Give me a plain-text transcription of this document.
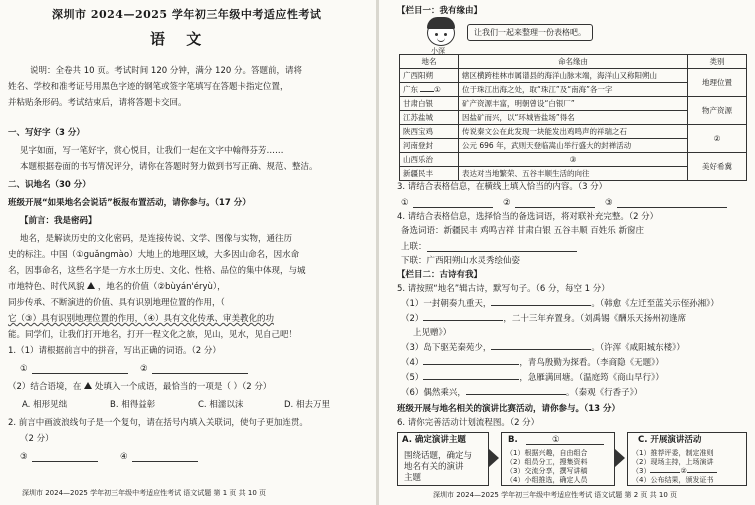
深圳市 2024—2025 学年初三年级中考适应性考试
语 文
说明：全卷共 10 页。考试时间 120 分钟，满分 120 分。答题前，请将
姓名、学校和准考证号用黑色字迹的钢笔或签字笔填写在答题卡指定位置，
并粘贴条形码。考试结束后，请将答题卡交回。
一、写好字（3 分）
见字如面，写一笔好字，赏心悦目，让我们一起在文字中翰得芬芳……
本题根据卷面的书写情况评分，请你在答题时努力做到书写正确、规范、整洁。
二、识地名（30 分）
班级开展“如果地名会说话”板报布置活动，请你参与。（17 分）
【前言：我是密码】
地名，是解读历史的文化密码，是连接传说、文学、图像与实物，通往历
史的标注。中国（①guǎngmào）大地上的地理区域，大多因山命名，因水命
名，因事命名，这些名字是一方水土历史、文化、性格、品位的集中体现，与城
市地特色、时代风貌 ，地名的价值（②bùyán'éryù），
同步传承、不断演进的价值、具有识别地理位置的作用，（
它（③）具有识别地理位置的作用，（④）具有文化传承、审美教化的功
能。同学们，让我们打开地名，打开一程文化之旅，见山，见水，见自己吧！
1.（1）请根据前言中的拼音，写出正确的词语。（2 分）
①	②
（2）结合语境，在 处填入一个成语，最恰当的一项是（ ）（2 分）
A. 相形见绌	B. 相得益彰	C. 相濡以沫	D. 相去万里
2. 前言中画波浪线句子是一个复句，请在括号内填入关联词，使句子更加连贯。
（2 分）
③	④
深圳市 2024—2025 学年初三年级中考适应性考试 语文试题 第 1 页 共 10 页
【栏目一：我有缘由】
小深
让我们一起来整理一份表格吧。
地名	命名缘由	类别
广西阳朔	辖区横跨桂林市属谱县的海洋山脉末端，海洋山又称阳朔山	地理位置
广东 ①	位于珠江出海之处，取“珠江”及“南海”各一字	
甘肃白银	矿产资源丰富，明朝曾设“白银厂”	物产资源
江苏盐城	因盐矿而兴，以“环城皆盐场”得名	
陕西宝鸡	传说秦文公在此发现一块能发出鸡鸣声的祥瑞之石	②
河南登封	公元 696 年，武则天登临嵩山举行盛大的封禅活动	
山西乐治	③	美好希冀
新疆民丰	表达对当地繁荣、五谷丰顺生活的向往	
3. 请结合表格信息，在横线上填入恰当的内容。（3 分）
①	②	③
4. 请结合表格信息，选择恰当的备选词语，将对联补充完整。（2 分）
备选词语：新疆民丰 鸡鸣吉祥 甘肃白银 五谷丰顺 百姓乐 新窗庄
上联：
下联：广西阳朔山水灵秀绘仙姿
【栏目二：古诗有我】
5. 请按照“地名”辑古诗，默写句子。（6 分，每空 1 分）
（1）一封朝奏九重天，	。（韩愈《左迁至蓝关示侄孙湘》）
（2）	，二十三年弃置身。（刘禹锡《酬乐天扬州初逢席
上见赠》）
（3）岛下驱芜秦苑少，	。（许浑《咸阳城东楼》）
（4）	，青鸟殷勤为探看。（李商隐《无题》）
（5）	，急雁满回塘。（温庭筠《商山早行》）
（6）偶然乘兴，	。（秦观《行香子》）
班级开展与地名相关的演讲比赛活动，请你参与。（13 分）
6. 请你完善活动计划流程图。（2 分）
A. 确定演讲主题
围绕话题，确定与
地名有关的演讲
主题
B.	①
（1）根据兴趣，自由组合
（2）组员分工，搜集资料
（3）交流分享，撰写讲稿
（4）小组推选，确定人员
C. 开展演讲活动
（1）推荐评委，制定准则
（2）现场主持，上场演讲
（3）	②
（4）公布结果，颁发证书
深圳市 2024—2025 学年初三年级中考适应性考试 语文试题 第 2 页 共 10 页
